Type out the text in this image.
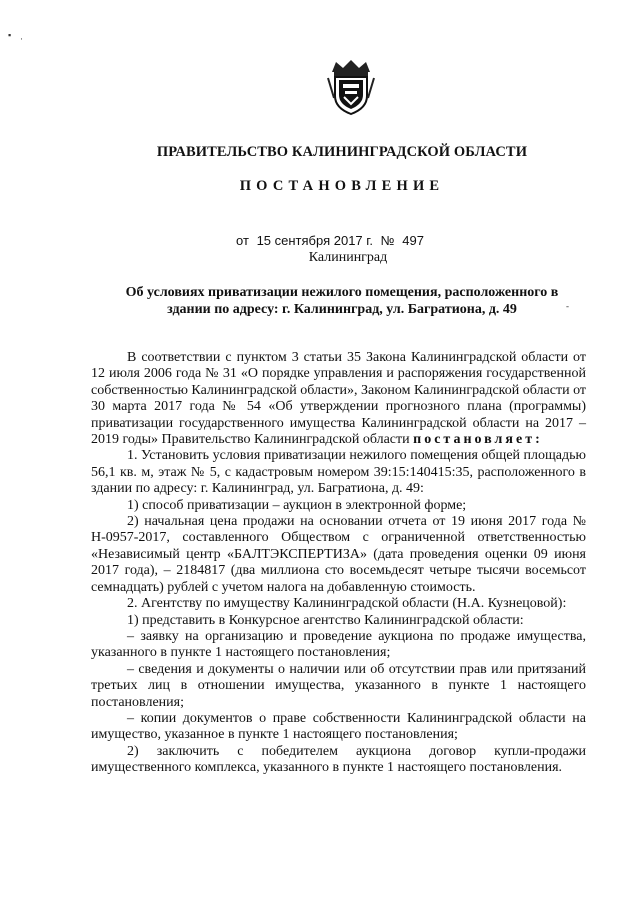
▪ ·
ПРАВИТЕЛЬСТВО КАЛИНИНГРАДСКОЙ ОБЛАСТИ
ПОСТАНОВЛЕНИЕ
от 15 сентября 2017 г. № 497
Калининград
Об условиях приватизации нежилого помещения, расположенного в здании по адресу: г. Калининград, ул. Багратиона, д. 49	-

В соответствии с пунктом 3 статьи 35 Закона Калининградской области от 12 июля 2006 года № 31 «О порядке управления и распоряжения государственной собственностью Калининградской области», Законом Калининградской области от 30 марта 2017 года № 54 «Об утверждении прогнозного плана (программы) приватизации государственного имущества Калининградской области на 2017 – 2019 годы» Правительство Калининградской области постановляет:

1. Установить условия приватизации нежилого помещения общей площадью 56,1 кв. м, этаж № 5, с кадастровым номером 39:15:140415:35, расположенного в здании по адресу: г. Калининград, ул. Багратиона, д. 49:

1) способ приватизации – аукцион в электронной форме;

2) начальная цена продажи на основании отчета от 19 июня 2017 года № Н-0957-2017, составленного Обществом с ограниченной ответственностью «Независимый центр «БАЛТЭКСПЕРТИЗА» (дата проведения оценки 09 июня 2017 года), – 2184817 (два миллиона сто восемьдесят четыре тысячи восемьсот семнадцать) рублей с учетом налога на добавленную стоимость.

2. Агентству по имуществу Калининградской области (Н.А. Кузнецовой):

1) представить в Конкурсное агентство Калининградской области:

– заявку на организацию и проведение аукциона по продаже имущества, указанного в пункте 1 настоящего постановления;

– сведения и документы о наличии или об отсутствии прав или притязаний третьих лиц в отношении имущества, указанного в пункте 1 настоящего постановления;

– копии документов о праве собственности Калининградской области на имущество, указанное в пункте 1 настоящего постановления;

2) заключить с победителем аукциона договор купли-продажи имущественного комплекса, указанного в пункте 1 настоящего постановления.
